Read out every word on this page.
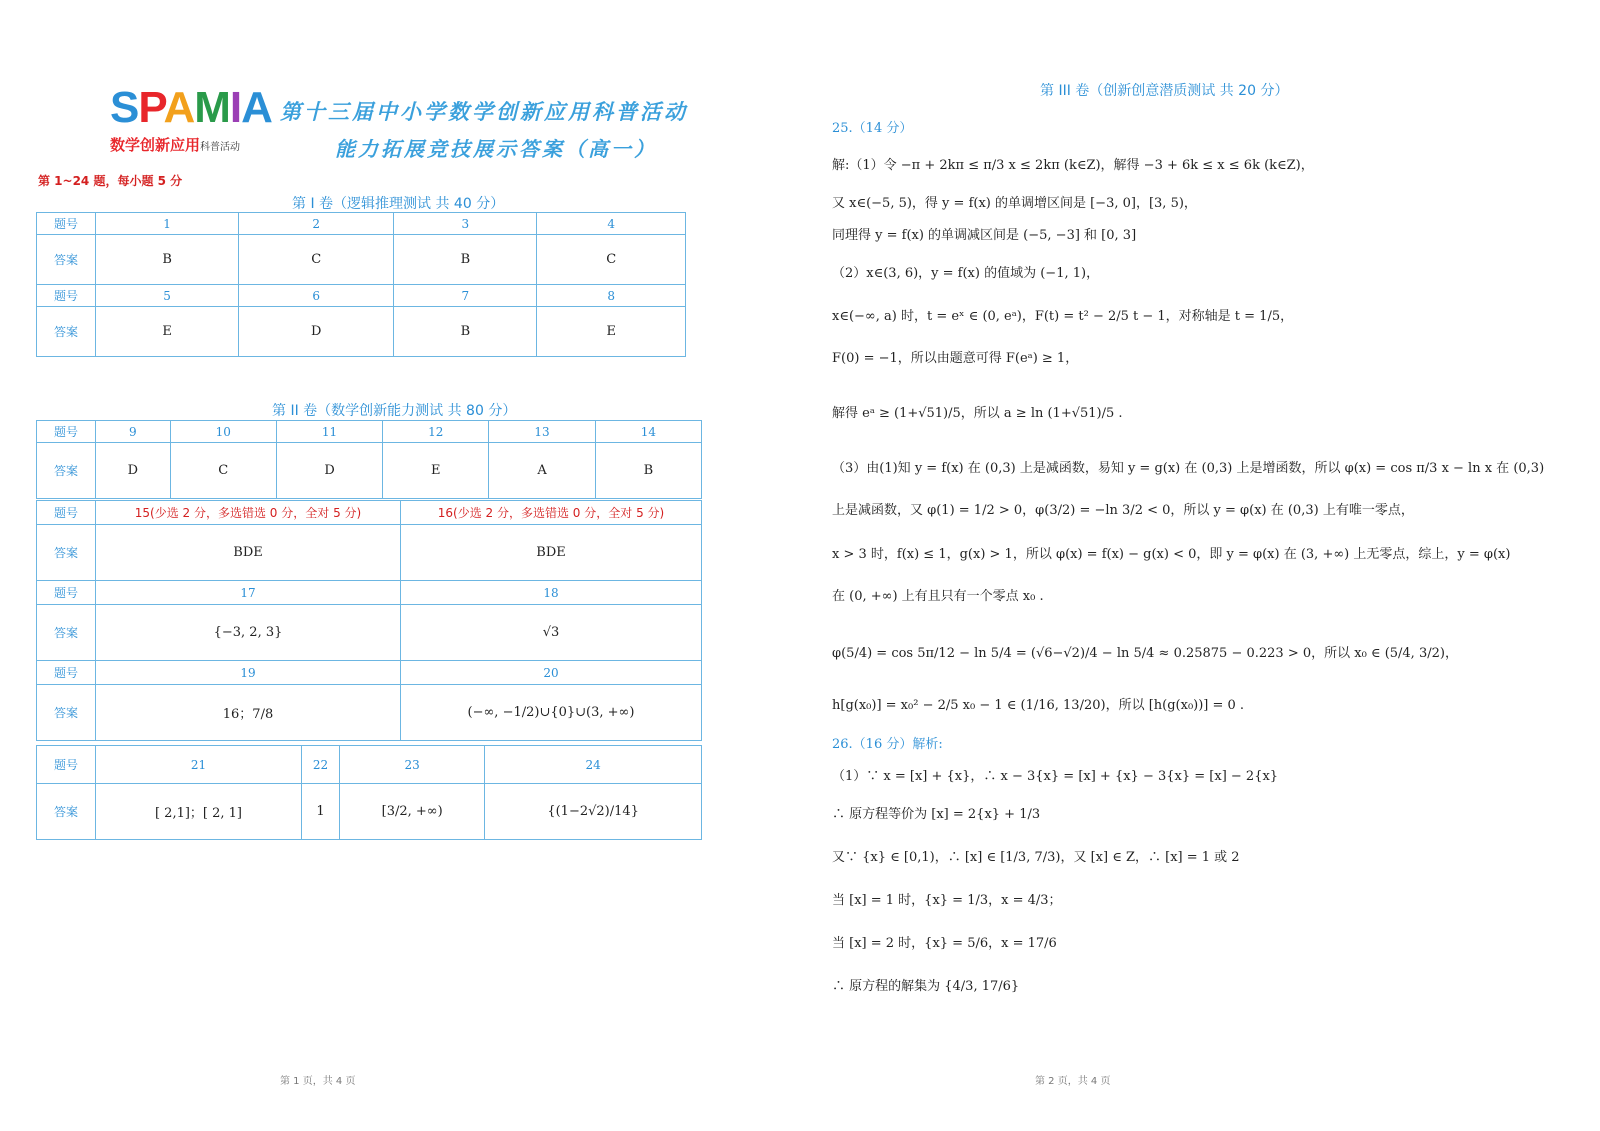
SPAMIA
数学创新应用科普活动
第十三届中小学数学创新应用科普活动
能力拓展竞技展示答案（高一）
第 1~24 题，每小题 5 分
第 I 卷（逻辑推理测试 共 40 分）
题号	1	2	3	4
答案	B	C	B	C
题号	5	6	7	8
答案	E	D	B	E
第 II 卷（数学创新能力测试 共 80 分）
题号	9	10	11	12	13	14
答案	D	C	D	E	A	B
题号	15(少选 2 分，多选错选 0 分，全对 5 分)	16(少选 2 分，多选错选 0 分，全对 5 分)
答案	BDE	BDE
题号	17	18
答案	{−3, 2, 3}	√3
题号	19	20
答案	16；7/8	(−∞, −1/2)∪{0}∪(3, +∞)
题号	21	22	23	24
答案	[ 2,1]；[ 2, 1]	1	[3/2, +∞)	{(1−2√2)/14}
第 1 页，共 4 页
第 III 卷（创新创意潜质测试 共 20 分）
25.（14 分）
解:（1）令 −π + 2kπ ≤ π/3 x ≤ 2kπ (k∈Z)，解得 −3 + 6k ≤ x ≤ 6k (k∈Z)，
又 x∈(−5, 5)，得 y = f(x) 的单调增区间是 [−3, 0]，[3, 5)，
同理得 y = f(x) 的单调减区间是 (−5, −3] 和 [0, 3]
（2）x∈(3, 6)，y = f(x) 的值域为 (−1, 1)，
x∈(−∞, a) 时，t = eˣ ∈ (0, eᵃ)，F(t) = t² − 2/5 t − 1，对称轴是 t = 1/5，
F(0) = −1，所以由题意可得 F(eᵃ) ≥ 1，
解得 eᵃ ≥ (1+√51)/5，所以 a ≥ ln (1+√51)/5 .
（3）由(1)知 y = f(x) 在 (0,3) 上是减函数，易知 y = g(x) 在 (0,3) 上是增函数，所以 φ(x) = cos π/3 x − ln x 在 (0,3)
上是减函数，又 φ(1) = 1/2 > 0，φ(3/2) = −ln 3/2 < 0，所以 y = φ(x) 在 (0,3) 上有唯一零点，
x > 3 时，f(x) ≤ 1，g(x) > 1，所以 φ(x) = f(x) − g(x) < 0，即 y = φ(x) 在 (3, +∞) 上无零点，综上，y = φ(x)
在 (0, +∞) 上有且只有一个零点 x₀ .
φ(5/4) = cos 5π/12 − ln 5/4 = (√6−√2)/4 − ln 5/4 ≈ 0.25875 − 0.223 > 0，所以 x₀ ∈ (5/4, 3/2)，
h[g(x₀)] = x₀² − 2/5 x₀ − 1 ∈ (1/16, 13/20)，所以 [h(g(x₀))] = 0 .
26.（16 分）解析:
（1）∵ x = [x] + {x}，∴ x − 3{x} = [x] + {x} − 3{x} = [x] − 2{x}
∴ 原方程等价为 [x] = 2{x} + 1/3
又∵ {x} ∈ [0,1)，∴ [x] ∈ [1/3, 7/3)，又 [x] ∈ Z，∴ [x] = 1 或 2
当 [x] = 1 时，{x} = 1/3，x = 4/3；
当 [x] = 2 时，{x} = 5/6，x = 17/6
∴ 原方程的解集为 {4/3, 17/6}
第 2 页，共 4 页
